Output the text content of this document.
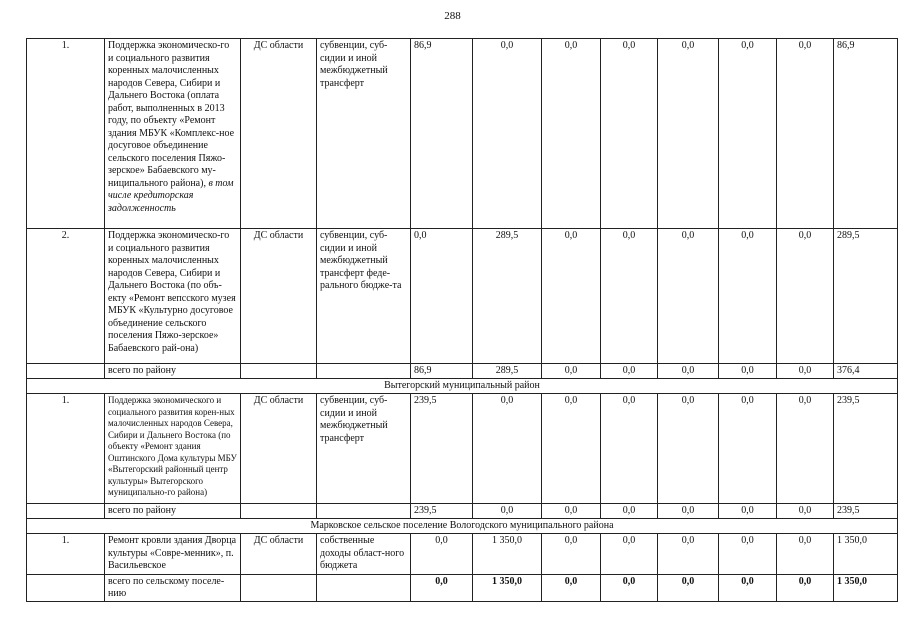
288
1.	Поддержка экономическо-го и социального развития коренных малочисленных народов Севера, Сибири и Дальнего Востока (оплата работ, выполненных в 2013 году, по объекту «Ремонт здания МБУК «Комплекс-ное досуговое объединение сельского поселения Пяжо-зерское» Бабаевского му-ниципального района), в том числе кредиторская задолженность	ДС области	субвенции, суб-сидии и иной межбюджетный трансферт	86,9	0,0	0,0	0,0	0,0	0,0	0,0	86,9
2.	Поддержка экономическо-го и социального развития коренных малочисленных народов Севера, Сибири и Дальнего Востока (по объ-екту «Ремонт вепсского музея МБУК «Культурно досуговое объединение сельского поселения Пяжо-зерское» Бабаевского рай-она)	ДС области	субвенции, суб-сидии и иной межбюджетный трансферт феде-рального бюдже-та	0,0	289,5	0,0	0,0	0,0	0,0	0,0	289,5
	всего по району			86,9	289,5	0,0	0,0	0,0	0,0	0,0	376,4
Вытегорский муниципальный район											
1.	Поддержка экономического и социального развития корен-ных малочисленных народов Севера, Сибири и Дальнего Востока (по объекту «Ремонт здания Оштинского Дома культуры МБУ «Вытегорский районный центр культуры» Вытегорского муниципально-го района)	ДС области	субвенции, суб-сидии и иной межбюджетный трансферт	239,5	0,0	0,0	0,0	0,0	0,0	0,0	239,5
	всего по району			239,5	0,0	0,0	0,0	0,0	0,0	0,0	239,5
Марковское сельское поселение Вологодского муниципального района											
1.	Ремонт кровли здания Дворца культуры «Совре-менник», п. Васильевское	ДС области	собственные доходы област-ного бюджета	0,0	1 350,0	0,0	0,0	0,0	0,0	0,0	1 350,0
	всего по сельскому поселе-нию			0,0	1 350,0	0,0	0,0	0,0	0,0	0,0	1 350,0
